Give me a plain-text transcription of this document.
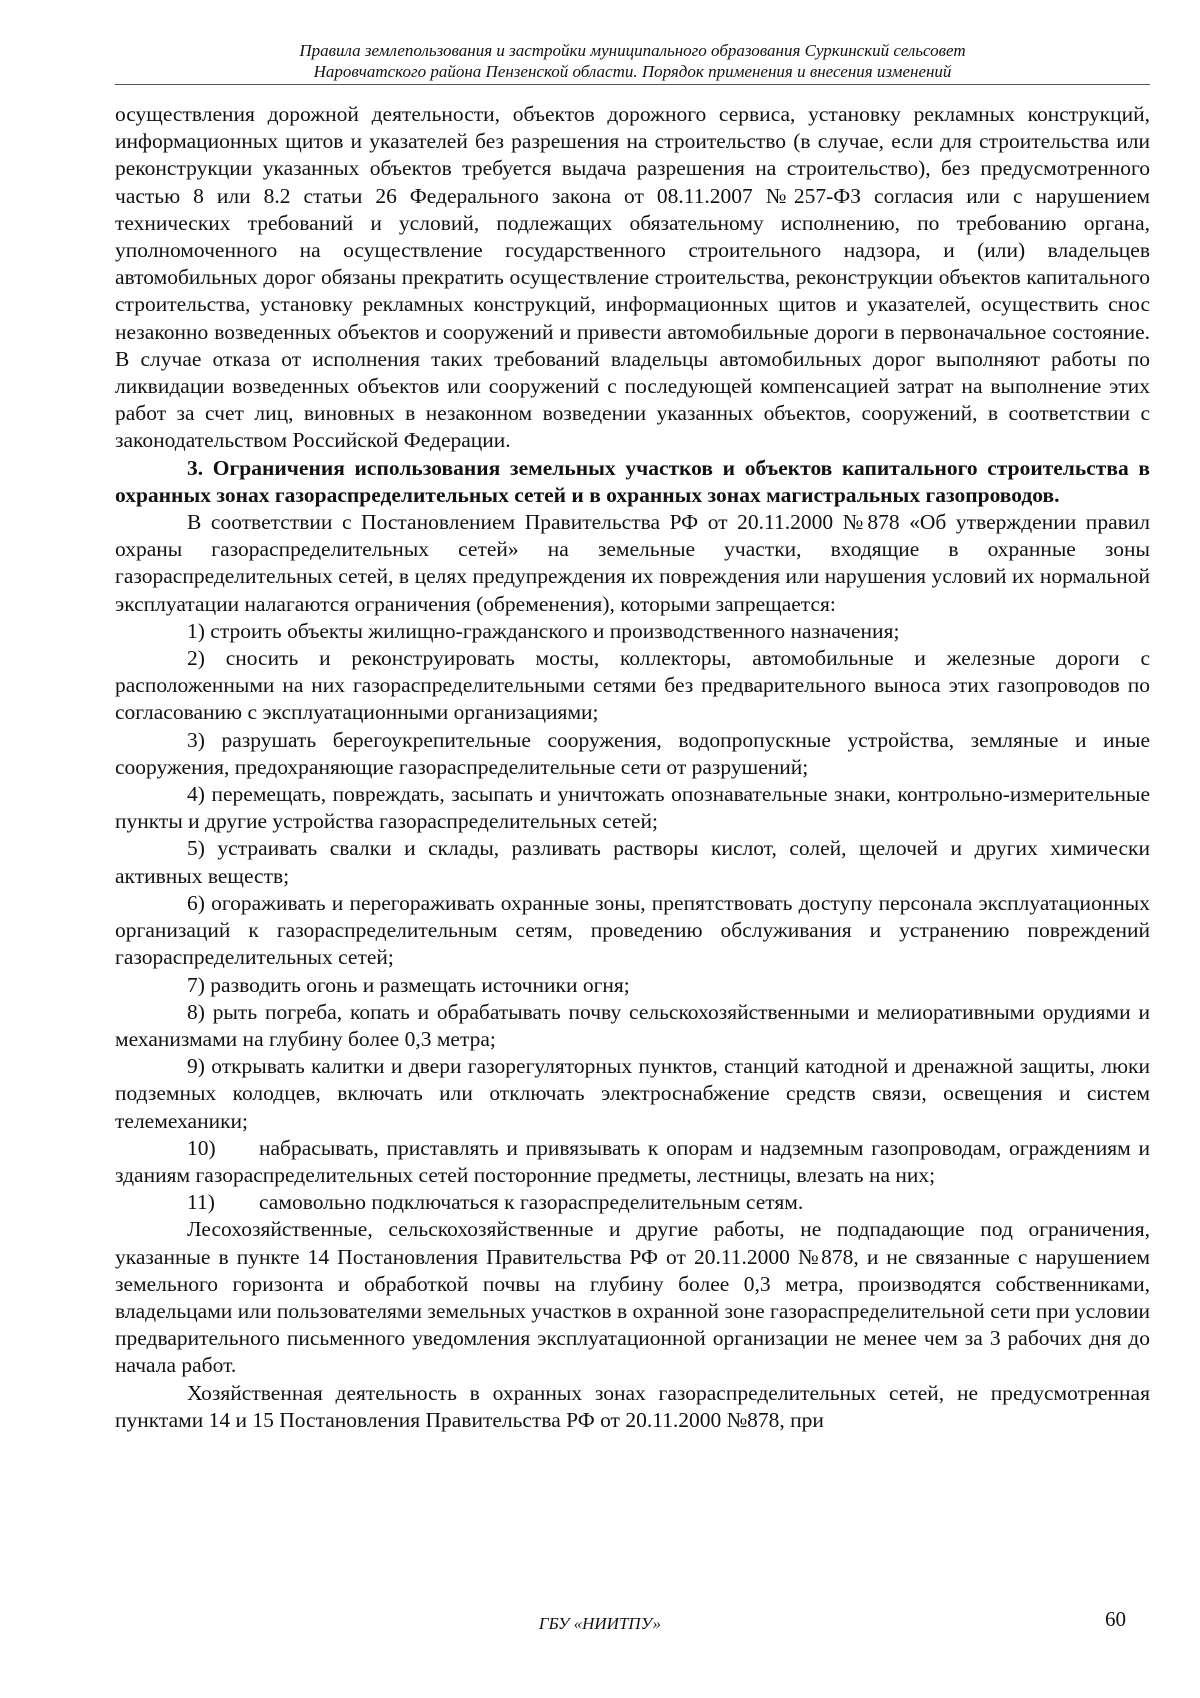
Правила землепользования и застройки муниципального образования Суркинский сельсовет
Наровчатского района Пензенской области. Порядок применения и внесения изменений

осуществления дорожной деятельности, объектов дорожного сервиса, установку рекламных конструкций, информационных щитов и указателей без разрешения на строительство (в случае, если для строительства или реконструкции указанных объектов требуется выдача разрешения на строительство), без предусмотренного частью 8 или 8.2 статьи 26 Федерального закона от 08.11.2007 №257-ФЗ согласия или с нарушением технических требований и условий, подлежащих обязательному исполнению, по требованию органа, уполномоченного на осуществление государственного строительного надзора, и (или) владельцев автомобильных дорог обязаны прекратить осуществление строительства, реконструкции объектов капитального строительства, установку рекламных конструкций, информационных щитов и указателей, осуществить снос незаконно возведенных объектов и сооружений и привести автомобильные дороги в первоначальное состояние. В случае отказа от исполнения таких требований владельцы автомобильных дорог выполняют работы по ликвидации возведенных объектов или сооружений с последующей компенсацией затрат на выполнение этих работ за счет лиц, виновных в незаконном возведении указанных объектов, сооружений, в соответствии с законодательством Российской Федерации.

3. Ограничения использования земельных участков и объектов капитального строительства в охранных зонах газораспределительных сетей и в охранных зонах магистральных газопроводов.

В соответствии с Постановлением Правительства РФ от 20.11.2000 №878 «Об утверждении правил охраны газораспределительных сетей» на земельные участки, входящие в охранные зоны газораспределительных сетей, в целях предупреждения их повреждения или нарушения условий их нормальной эксплуатации налагаются ограничения (обременения), которыми запрещается:

1) строить объекты жилищно-гражданского и производственного назначения;

2) сносить и реконструировать мосты, коллекторы, автомобильные и железные дороги с расположенными на них газораспределительными сетями без предварительного выноса этих газопроводов по согласованию с эксплуатационными организациями;

3) разрушать берегоукрепительные сооружения, водопропускные устройства, земляные и иные сооружения, предохраняющие газораспределительные сети от разрушений;

4) перемещать, повреждать, засыпать и уничтожать опознавательные знаки, контрольно-измерительные пункты и другие устройства газораспределительных сетей;

5) устраивать свалки и склады, разливать растворы кислот, солей, щелочей и других химически активных веществ;

6) огораживать и перегораживать охранные зоны, препятствовать доступу персонала эксплуатационных организаций к газораспределительным сетям, проведению обслуживания и устранению повреждений газораспределительных сетей;

7) разводить огонь и размещать источники огня;

8) рыть погреба, копать и обрабатывать почву сельскохозяйственными и мелиоративными орудиями и механизмами на глубину более 0,3 метра;

9) открывать калитки и двери газорегуляторных пунктов, станций катодной и дренажной защиты, люки подземных колодцев, включать или отключать электроснабжение средств связи, освещения и систем телемеханики;

10) набрасывать, приставлять и привязывать к опорам и надземным газопроводам, ограждениям и зданиям газораспределительных сетей посторонние предметы, лестницы, влезать на них;

11) самовольно подключаться к газораспределительным сетям.

Лесохозяйственные, сельскохозяйственные и другие работы, не подпадающие под ограничения, указанные в пункте 14 Постановления Правительства РФ от 20.11.2000 №878, и не связанные с нарушением земельного горизонта и обработкой почвы на глубину более 0,3 метра, производятся собственниками, владельцами или пользователями земельных участков в охранной зоне газораспределительной сети при условии предварительного письменного уведомления эксплуатационной организации не менее чем за 3 рабочих дня до начала работ.

Хозяйственная деятельность в охранных зонах газораспределительных сетей, не предусмотренная пунктами 14 и 15 Постановления Правительства РФ от 20.11.2000 №878, при

ГБУ «НИИТПУ»	60
